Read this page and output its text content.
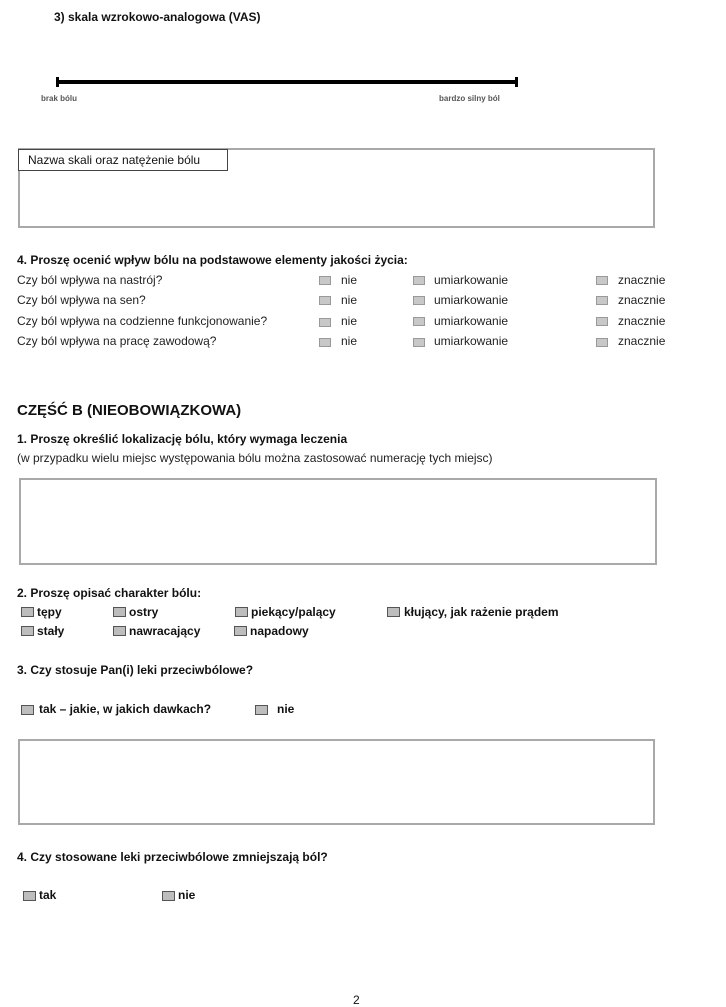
3) skala wzrokowo-analogowa (VAS)
brak bólu	bardzo silny ból
Nazwa skali oraz natężenie bólu
4. Proszę ocenić wpływ bólu na podstawowe elementy jakości życia:
Czy ból wpływa na nastrój?	nie	umiarkowanie	znacznie
Czy ból wpływa na sen?	nie	umiarkowanie	znacznie
Czy ból wpływa na codzienne funkcjonowanie?	nie	umiarkowanie	znacznie
Czy ból wpływa na pracę zawodową?	nie	umiarkowanie	znacznie
CZĘŚĆ B (NIEOBOWIĄZKOWA)
1. Proszę określić lokalizację bólu, który wymaga leczenia
(w przypadku wielu miejsc występowania bólu można zastosować numerację tych miejsc)
2. Proszę opisać charakter bólu:
tępy	ostry	piekący/palący	kłujący, jak rażenie prądem
stały	nawracający	napadowy
3. Czy stosuje Pan(i) leki przeciwbólowe?
tak – jakie, w jakich dawkach?	nie
4. Czy stosowane leki przeciwbólowe zmniejszają ból?
tak	nie
2
